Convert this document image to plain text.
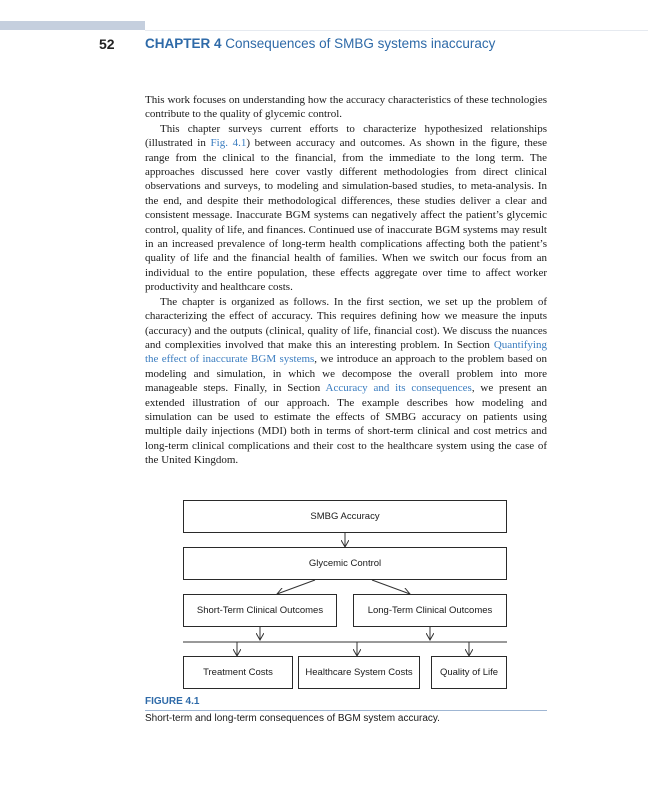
52 CHAPTER 4 Consequences of SMBG systems inaccuracy

This work focuses on understanding how the accuracy characteristics of these technologies contribute to the quality of glycemic control.

This chapter surveys current efforts to characterize hypothesized relationships (illustrated in Fig. 4.1) between accuracy and outcomes. As shown in the figure, these range from the clinical to the financial, from the immediate to the long term. The approaches discussed here cover vastly different methodologies from direct clinical observations and surveys, to modeling and simulation-based studies, to meta-analysis. In the end, and despite their methodological differences, these studies deliver a clear and consistent message. Inaccurate BGM systems can negatively affect the patient’s glycemic control, quality of life, and finances. Continued use of inaccurate BGM systems may result in an increased prevalence of long-term health complications affecting both the patient’s quality of life and the financial health of families. When we switch our focus from an individual to the entire population, these effects aggregate over time to affect worker productivity and healthcare costs.

The chapter is organized as follows. In the first section, we set up the problem of characterizing the effect of accuracy. This requires defining how we measure the inputs (accuracy) and the outputs (clinical, quality of life, financial cost). We discuss the nuances and complexities involved that make this an interesting problem. In Section Quantifying the effect of inaccurate BGM systems, we introduce an approach to the problem based on modeling and simulation, in which we decompose the overall problem into more manageable steps. Finally, in Section Accuracy and its consequences, we present an extended illustration of our approach. The example describes how modeling and simulation can be used to estimate the effects of SMBG accuracy on patients using multiple daily injections (MDI) both in terms of short-term clinical and cost metrics and long-term clinical complications and their cost to the healthcare system using the case of the United Kingdom.

SMBG Accuracy
Glycemic Control
Short-Term Clinical Outcomes	Long-Term Clinical Outcomes
Treatment Costs	Healthcare System Costs	Quality of Life
FIGURE 4.1
Short-term and long-term consequences of BGM system accuracy.
